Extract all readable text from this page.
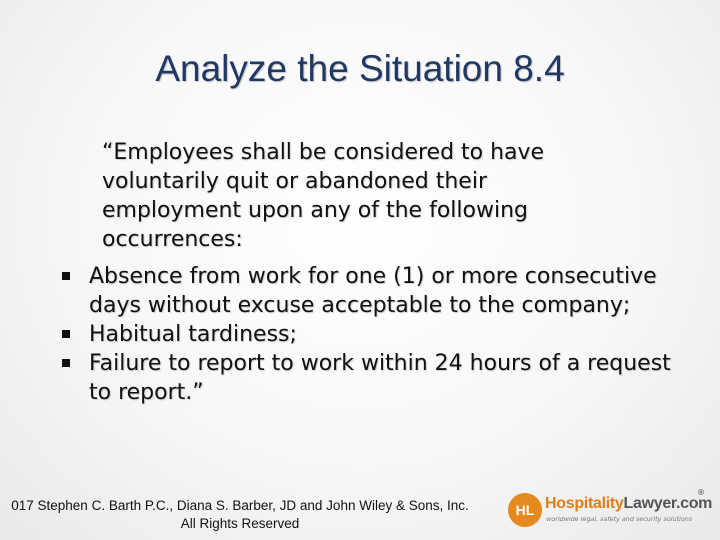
Analyze the Situation 8.4
“Employees shall be considered to have voluntarily quit or abandoned their employment upon any of the following occurrences:
Absence from work for one (1) or more consecutive days without excuse acceptable to the company;
Habitual tardiness;
Failure to report to work within 24 hours of a request to report.”
017 Stephen C. Barth P.C., Diana S. Barber, JD and John Wiley & Sons, Inc.
All Rights Reserved
HL HospitalityLawyer.com
worldwide legal, safety and security solutions
®
